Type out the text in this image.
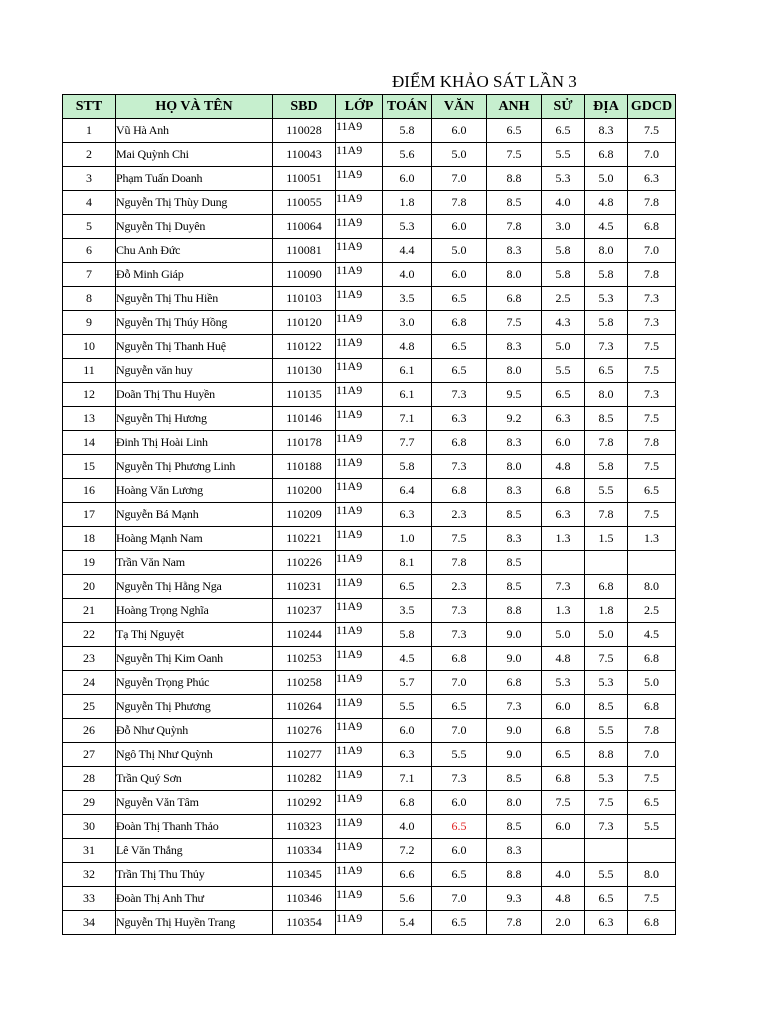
ĐIỂM KHẢO SÁT LẦN 3
STT	HỌ VÀ TÊN	SBD	LỚP	TOÁN	VĂN	ANH	SỬ	ĐỊA	GDCD
1	Vũ Hà Anh	110028	11A9	5.8	6.0	6.5	6.5	8.3	7.5
2	Mai Quỳnh Chi	110043	11A9	5.6	5.0	7.5	5.5	6.8	7.0
3	Phạm Tuấn Doanh	110051	11A9	6.0	7.0	8.8	5.3	5.0	6.3
4	Nguyễn Thị Thùy Dung	110055	11A9	1.8	7.8	8.5	4.0	4.8	7.8
5	Nguyễn Thị Duyên	110064	11A9	5.3	6.0	7.8	3.0	4.5	6.8
6	Chu Anh Đức	110081	11A9	4.4	5.0	8.3	5.8	8.0	7.0
7	Đỗ Minh Giáp	110090	11A9	4.0	6.0	8.0	5.8	5.8	7.8
8	Nguyễn Thị Thu Hiền	110103	11A9	3.5	6.5	6.8	2.5	5.3	7.3
9	Nguyễn Thị Thúy Hồng	110120	11A9	3.0	6.8	7.5	4.3	5.8	7.3
10	Nguyễn Thị Thanh Huệ	110122	11A9	4.8	6.5	8.3	5.0	7.3	7.5
11	Nguyễn văn huy	110130	11A9	6.1	6.5	8.0	5.5	6.5	7.5
12	Doãn Thị Thu Huyền	110135	11A9	6.1	7.3	9.5	6.5	8.0	7.3
13	Nguyễn Thị Hương	110146	11A9	7.1	6.3	9.2	6.3	8.5	7.5
14	Đinh Thị Hoài Linh	110178	11A9	7.7	6.8	8.3	6.0	7.8	7.8
15	Nguyễn Thị Phương Linh	110188	11A9	5.8	7.3	8.0	4.8	5.8	7.5
16	Hoàng Văn Lương	110200	11A9	6.4	6.8	8.3	6.8	5.5	6.5
17	Nguyễn Bá Mạnh	110209	11A9	6.3	2.3	8.5	6.3	7.8	7.5
18	Hoàng Mạnh Nam	110221	11A9	1.0	7.5	8.3	1.3	1.5	1.3
19	Trần Văn Nam	110226	11A9	8.1	7.8	8.5			
20	Nguyễn Thị Hằng Nga	110231	11A9	6.5	2.3	8.5	7.3	6.8	8.0
21	Hoàng Trọng Nghĩa	110237	11A9	3.5	7.3	8.8	1.3	1.8	2.5
22	Tạ Thị Nguyệt	110244	11A9	5.8	7.3	9.0	5.0	5.0	4.5
23	Nguyễn Thị Kim Oanh	110253	11A9	4.5	6.8	9.0	4.8	7.5	6.8
24	Nguyễn Trọng Phúc	110258	11A9	5.7	7.0	6.8	5.3	5.3	5.0
25	Nguyễn Thị Phương	110264	11A9	5.5	6.5	7.3	6.0	8.5	6.8
26	Đỗ Như Quỳnh	110276	11A9	6.0	7.0	9.0	6.8	5.5	7.8
27	Ngô Thị Như Quỳnh	110277	11A9	6.3	5.5	9.0	6.5	8.8	7.0
28	Trần Quý Sơn	110282	11A9	7.1	7.3	8.5	6.8	5.3	7.5
29	Nguyễn Văn Tâm	110292	11A9	6.8	6.0	8.0	7.5	7.5	6.5
30	Đoàn Thị Thanh Thảo	110323	11A9	4.0	6.5	8.5	6.0	7.3	5.5
31	Lê Văn Thắng	110334	11A9	7.2	6.0	8.3			
32	Trần Thị Thu Thủy	110345	11A9	6.6	6.5	8.8	4.0	5.5	8.0
33	Đoàn Thị Anh Thư	110346	11A9	5.6	7.0	9.3	4.8	6.5	7.5
34	Nguyễn Thị Huyền Trang	110354	11A9	5.4	6.5	7.8	2.0	6.3	6.8
